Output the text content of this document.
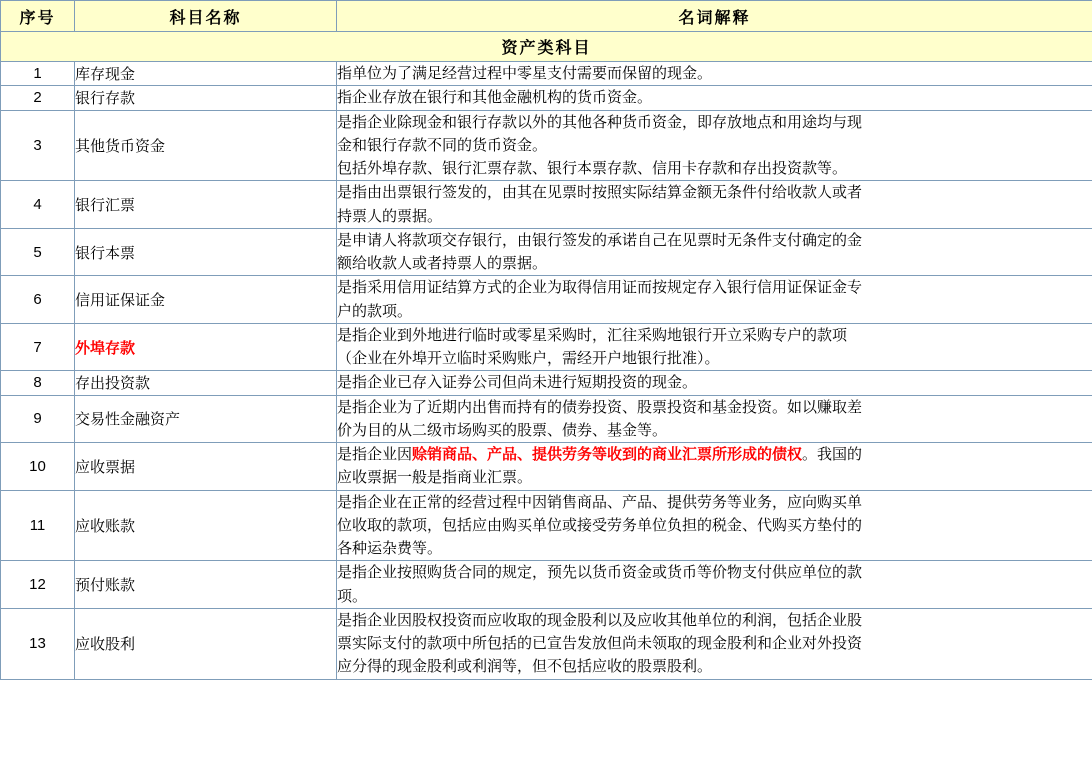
序号	科目名称	名词解释
资产类科目		
1	库存现金	指单位为了满足经营过程中零星支付需要而保留的现金。

2	银行存款	指企业存放在银行和其他金融机构的货币资金。

3	其他货币资金	是指企业除现金和银行存款以外的其他各种货币资金，即存放地点和用途均与现
金和银行存款不同的货币资金。
包括外埠存款、银行汇票存款、银行本票存款、信用卡存款和存出投资款等。

4	银行汇票	是指由出票银行签发的，由其在见票时按照实际结算金额无条件付给收款人或者
持票人的票据。

5	银行本票	是申请人将款项交存银行，由银行签发的承诺自己在见票时无条件支付确定的金
额给收款人或者持票人的票据。

6	信用证保证金	是指采用信用证结算方式的企业为取得信用证而按规定存入银行信用证保证金专
户的款项。

7	外埠存款	是指企业到外地进行临时或零星采购时，汇往采购地银行开立采购专户的款项
（企业在外埠开立临时采购账户，需经开户地银行批准）。

8	存出投资款	是指企业已存入证券公司但尚未进行短期投资的现金。

9	交易性金融资产	是指企业为了近期内出售而持有的债券投资、股票投资和基金投资。如以赚取差
价为目的从二级市场购买的股票、债券、基金等。

10	应收票据	是指企业因赊销商品、产品、提供劳务等收到的商业汇票所形成的债权。我国的
应收票据一般是指商业汇票。

11	应收账款	是指企业在正常的经营过程中因销售商品、产品、提供劳务等业务，应向购买单
位收取的款项，包括应由购买单位或接受劳务单位负担的税金、代购买方垫付的
各种运杂费等。

12	预付账款	是指企业按照购货合同的规定，预先以货币资金或货币等价物支付供应单位的款
项。

13	应收股利	是指企业因股权投资而应收取的现金股利以及应收其他单位的利润，包括企业股
票实际支付的款项中所包括的已宣告发放但尚未领取的现金股利和企业对外投资
应分得的现金股利或利润等，但不包括应收的股票股利。
